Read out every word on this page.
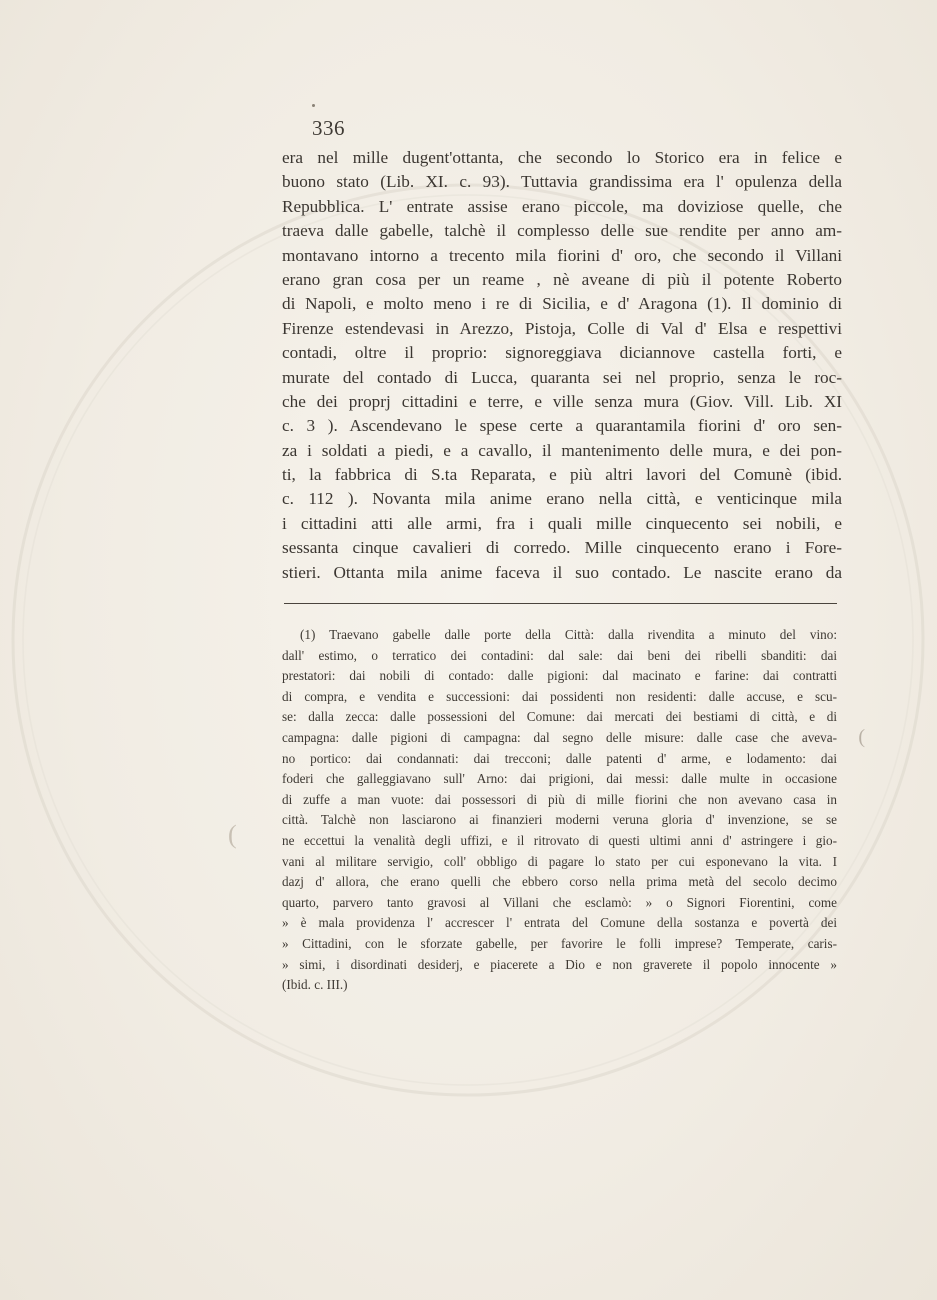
336
era nel mille dugent'ottanta, che secondo lo Storico era in felice e
buono stato (Lib. XI. c. 93). Tuttavia grandissima era l' opulenza della
Repubblica. L' entrate assise erano piccole, ma doviziose quelle, che
traeva dalle gabelle, talchè il complesso delle sue rendite per anno am-
montavano intorno a trecento mila fiorini d' oro, che secondo il Villani
erano gran cosa per un reame , nè aveane di più il potente Roberto
di Napoli, e molto meno i re di Sicilia, e d' Aragona (1). Il dominio di
Firenze estendevasi in Arezzo, Pistoja, Colle di Val d' Elsa e respettivi
contadi, oltre il proprio: signoreggiava diciannove castella forti, e
murate del contado di Lucca, quaranta sei nel proprio, senza le roc-
che dei proprj cittadini e terre, e ville senza mura (Giov. Vill. Lib. XI
c. 3 ). Ascendevano le spese certe a quarantamila fiorini d' oro sen-
za i soldati a piedi, e a cavallo, il mantenimento delle mura, e dei pon-
ti, la fabbrica di S.ta Reparata, e più altri lavori del Comunè (ibid.
c. 112 ). Novanta mila anime erano nella città, e venticinque mila
i cittadini atti alle armi, fra i quali mille cinquecento sei nobili, e
sessanta cinque cavalieri di corredo. Mille cinquecento erano i Fore-
stieri. Ottanta mila anime faceva il suo contado. Le nascite erano da
(1) Traevano gabelle dalle porte della Città: dalla rivendita a minuto del vino:
dall' estimo, o terratico dei contadini: dal sale: dai beni dei ribelli sbanditi: dai
prestatori: dai nobili di contado: dalle pigioni: dal macinato e farine: dai contratti
di compra, e vendita e successioni: dai possidenti non residenti: dalle accuse, e scu-
se: dalla zecca: dalle possessioni del Comune: dai mercati dei bestiami di città, e di
campagna: dalle pigioni di campagna: dal segno delle misure: dalle case che aveva-
no portico: dai condannati: dai trecconi; dalle patenti d' arme, e lodamento: dai
foderi che galleggiavano sull' Arno: dai prigioni, dai messi: dalle multe in occasione
di zuffe a man vuote: dai possessori di più di mille fiorini che non avevano casa in
città. Talchè non lasciarono ai finanzieri moderni veruna gloria d' invenzione, se se
ne eccettui la venalità degli uffizi, e il ritrovato di questi ultimi anni d' astringere i gio-
vani al militare servigio, coll' obbligo di pagare lo stato per cui esponevano la vita. I
dazj d' allora, che erano quelli che ebbero corso nella prima metà del secolo decimo
quarto, parvero tanto gravosi al Villani che esclamò: » o Signori Fiorentini, come
» è mala providenza l' accrescer l' entrata del Comune della sostanza e povertà dei
» Cittadini, con le sforzate gabelle, per favorire le folli imprese? Temperate, caris-
» simi, i disordinati desiderj, e piacerete a Dio e non graverete il popolo innocente »
(Ibid. c. III.)
(
(
